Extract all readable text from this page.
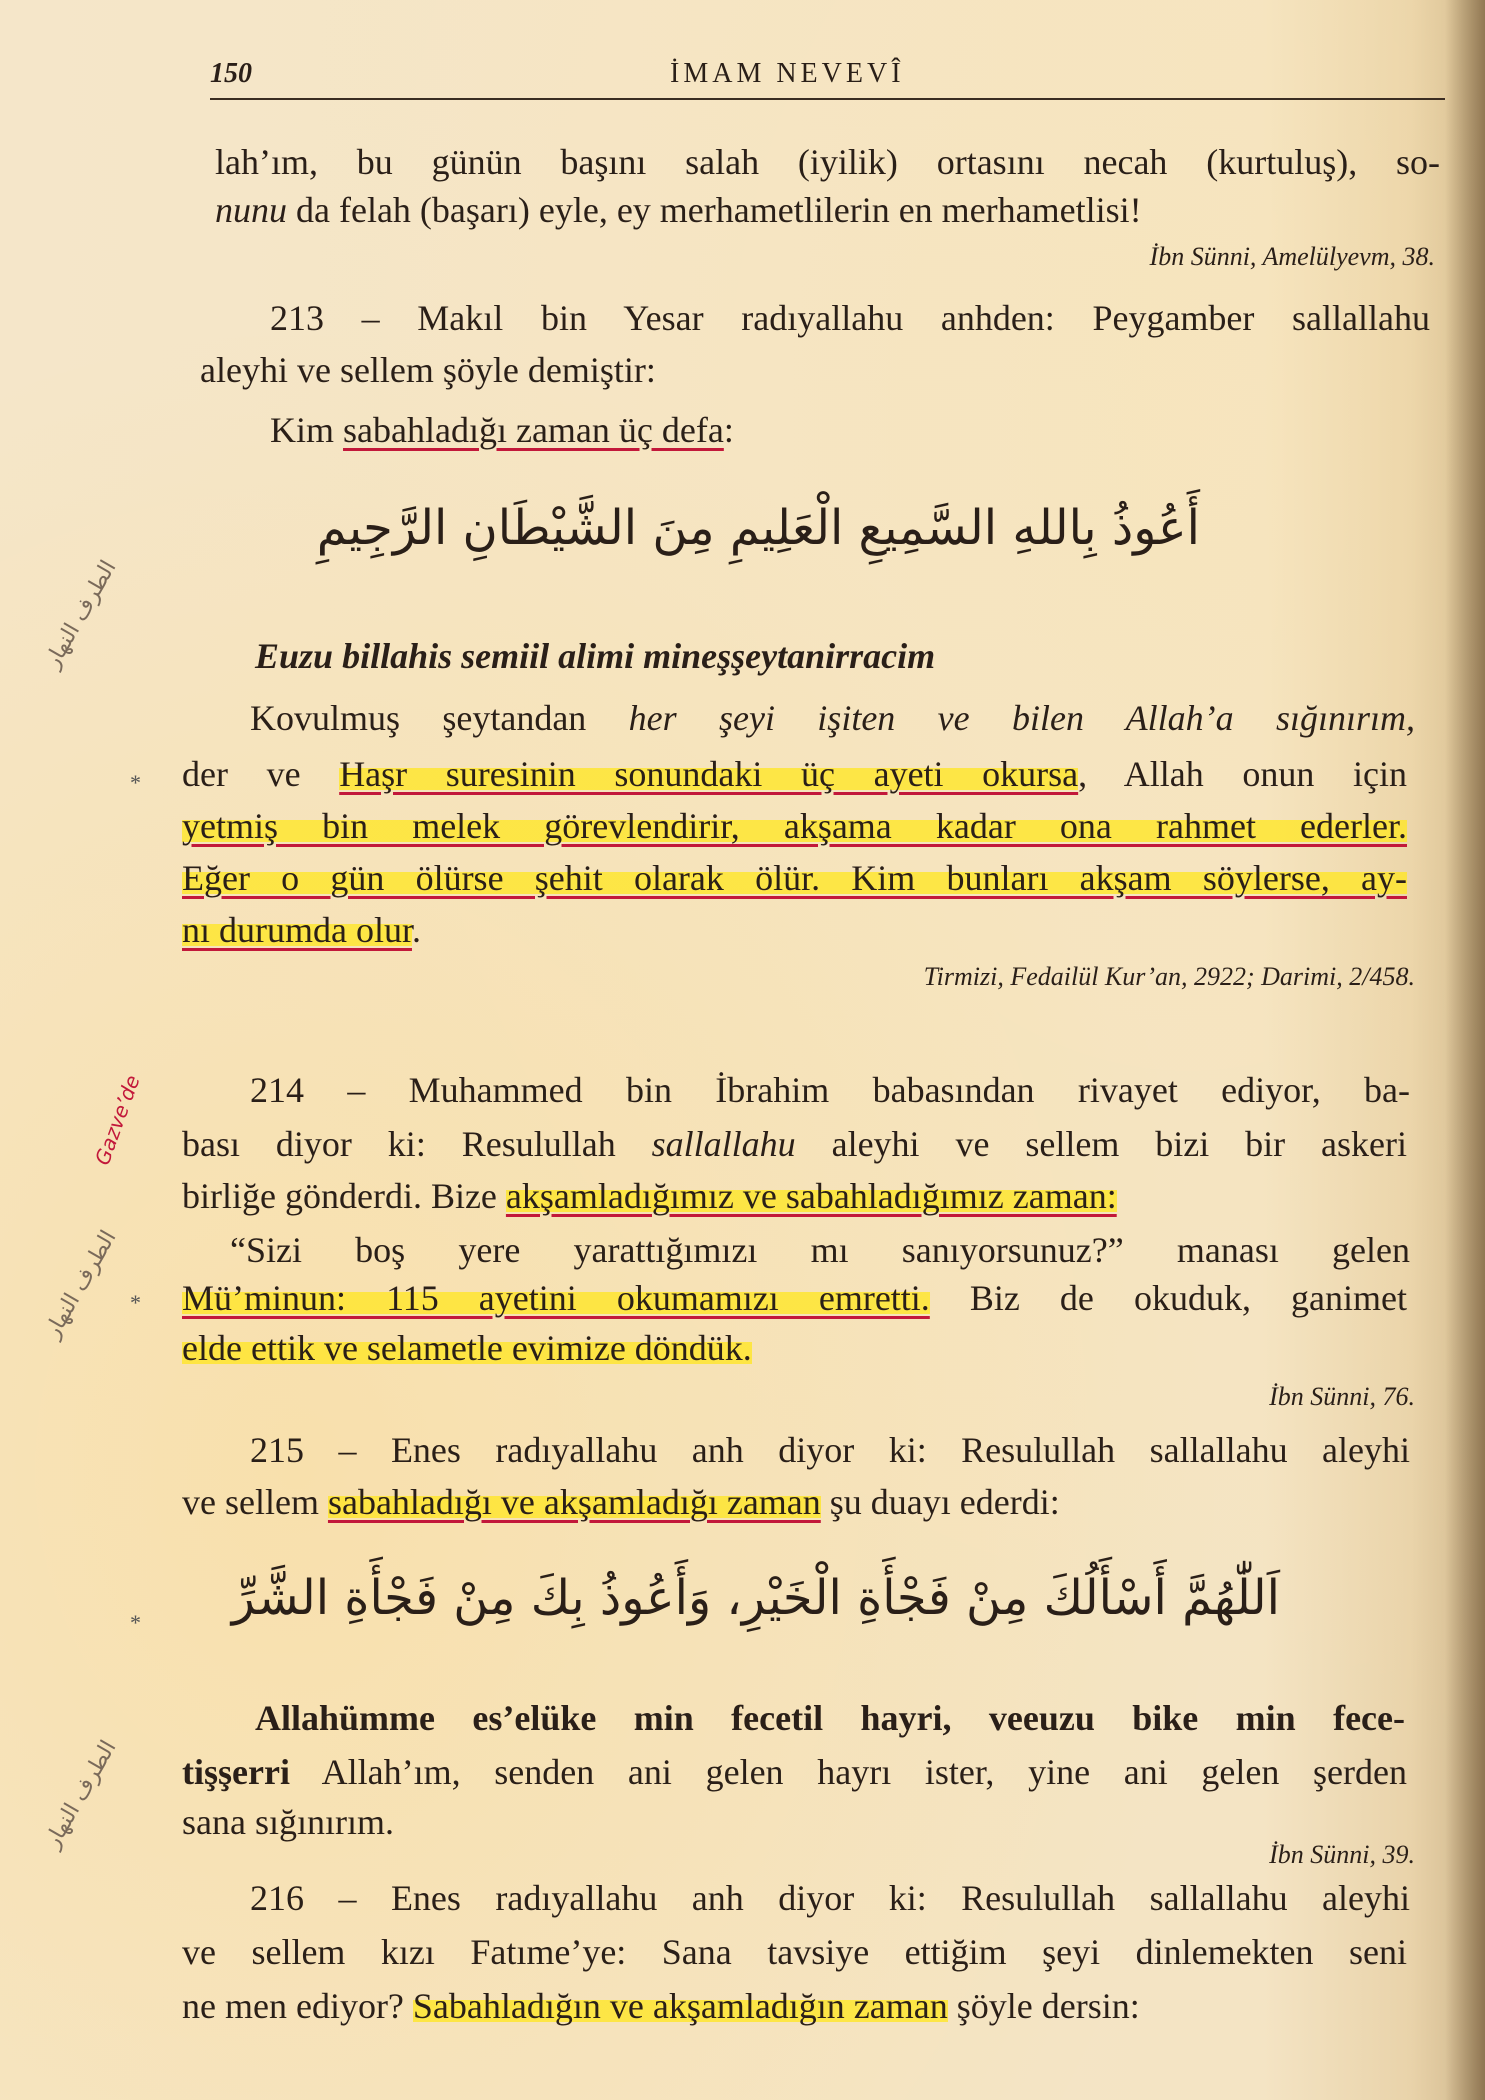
150	İMAM NEVEVÎ
lah’ım, bu günün başını salah (iyilik) ortasını necah (kurtuluş), so-
nunu da felah (başarı) eyle, ey merhametlilerin en merhametlisi!
İbn Sünni, Amelülyevm, 38.
213 – Makıl bin Yesar radıyallahu anhden: Peygamber sallallahu
aleyhi ve sellem şöyle demiştir:
Kim sabahladığı zaman üç defa:
أَعُوذُ بِاللهِ السَّمِيعِ الْعَلِيمِ مِنَ الشَّيْطَانِ الرَّجِيمِ
Euzu billahis semiil alimi mineşşeytanirracim
Kovulmuş şeytandan her şeyi işiten ve bilen Allah’a sığınırım,
* der ve Haşr suresinin sonundaki üç ayeti okursa, Allah onun için
yetmiş bin melek görevlendirir, akşama kadar ona rahmet ederler.
Eğer o gün ölürse şehit olarak ölür. Kim bunları akşam söylerse, ay-
nı durumda olur.
Tirmizi, Fedailül Kur’an, 2922; Darimi, 2/458.
214 – Muhammed bin İbrahim babasından rivayet ediyor, ba-
bası diyor ki: Resulullah sallallahu aleyhi ve sellem bizi bir askeri
birliğe gönderdi. Bize akşamladığımız ve sabahladığımız zaman:
“Sizi boş yere yarattığımızı mı sanıyorsunuz?” manası gelen
* Mü’minun: 115 ayetini okumamızı emretti. Biz de okuduk, ganimet
elde ettik ve selametle evimize döndük.
İbn Sünni, 76.
215 – Enes radıyallahu anh diyor ki: Resulullah sallallahu aleyhi
ve sellem sabahladığı ve akşamladığı zaman şu duayı ederdi:
اَللّٰهُمَّ أَسْأَلُكَ مِنْ فَجْأَةِ الْخَيْرِ، وَأَعُوذُ بِكَ مِنْ فَجْأَةِ الشَّرِّ
*
Allahümme es’elüke min fecetil hayri, veeuzu bike min fece-
tişşerri Allah’ım, senden ani gelen hayrı ister, yine ani gelen şerden
sana sığınırım.
İbn Sünni, 39.
216 – Enes radıyallahu anh diyor ki: Resulullah sallallahu aleyhi
ve sellem kızı Fatıme’ye: Sana tavsiye ettiğim şeyi dinlemekten seni
ne men ediyor? Sabahladığın ve akşamladığın zaman şöyle dersin:
الطرف النهار
Gazve’de
الطرف النهار
الطرف النهار
